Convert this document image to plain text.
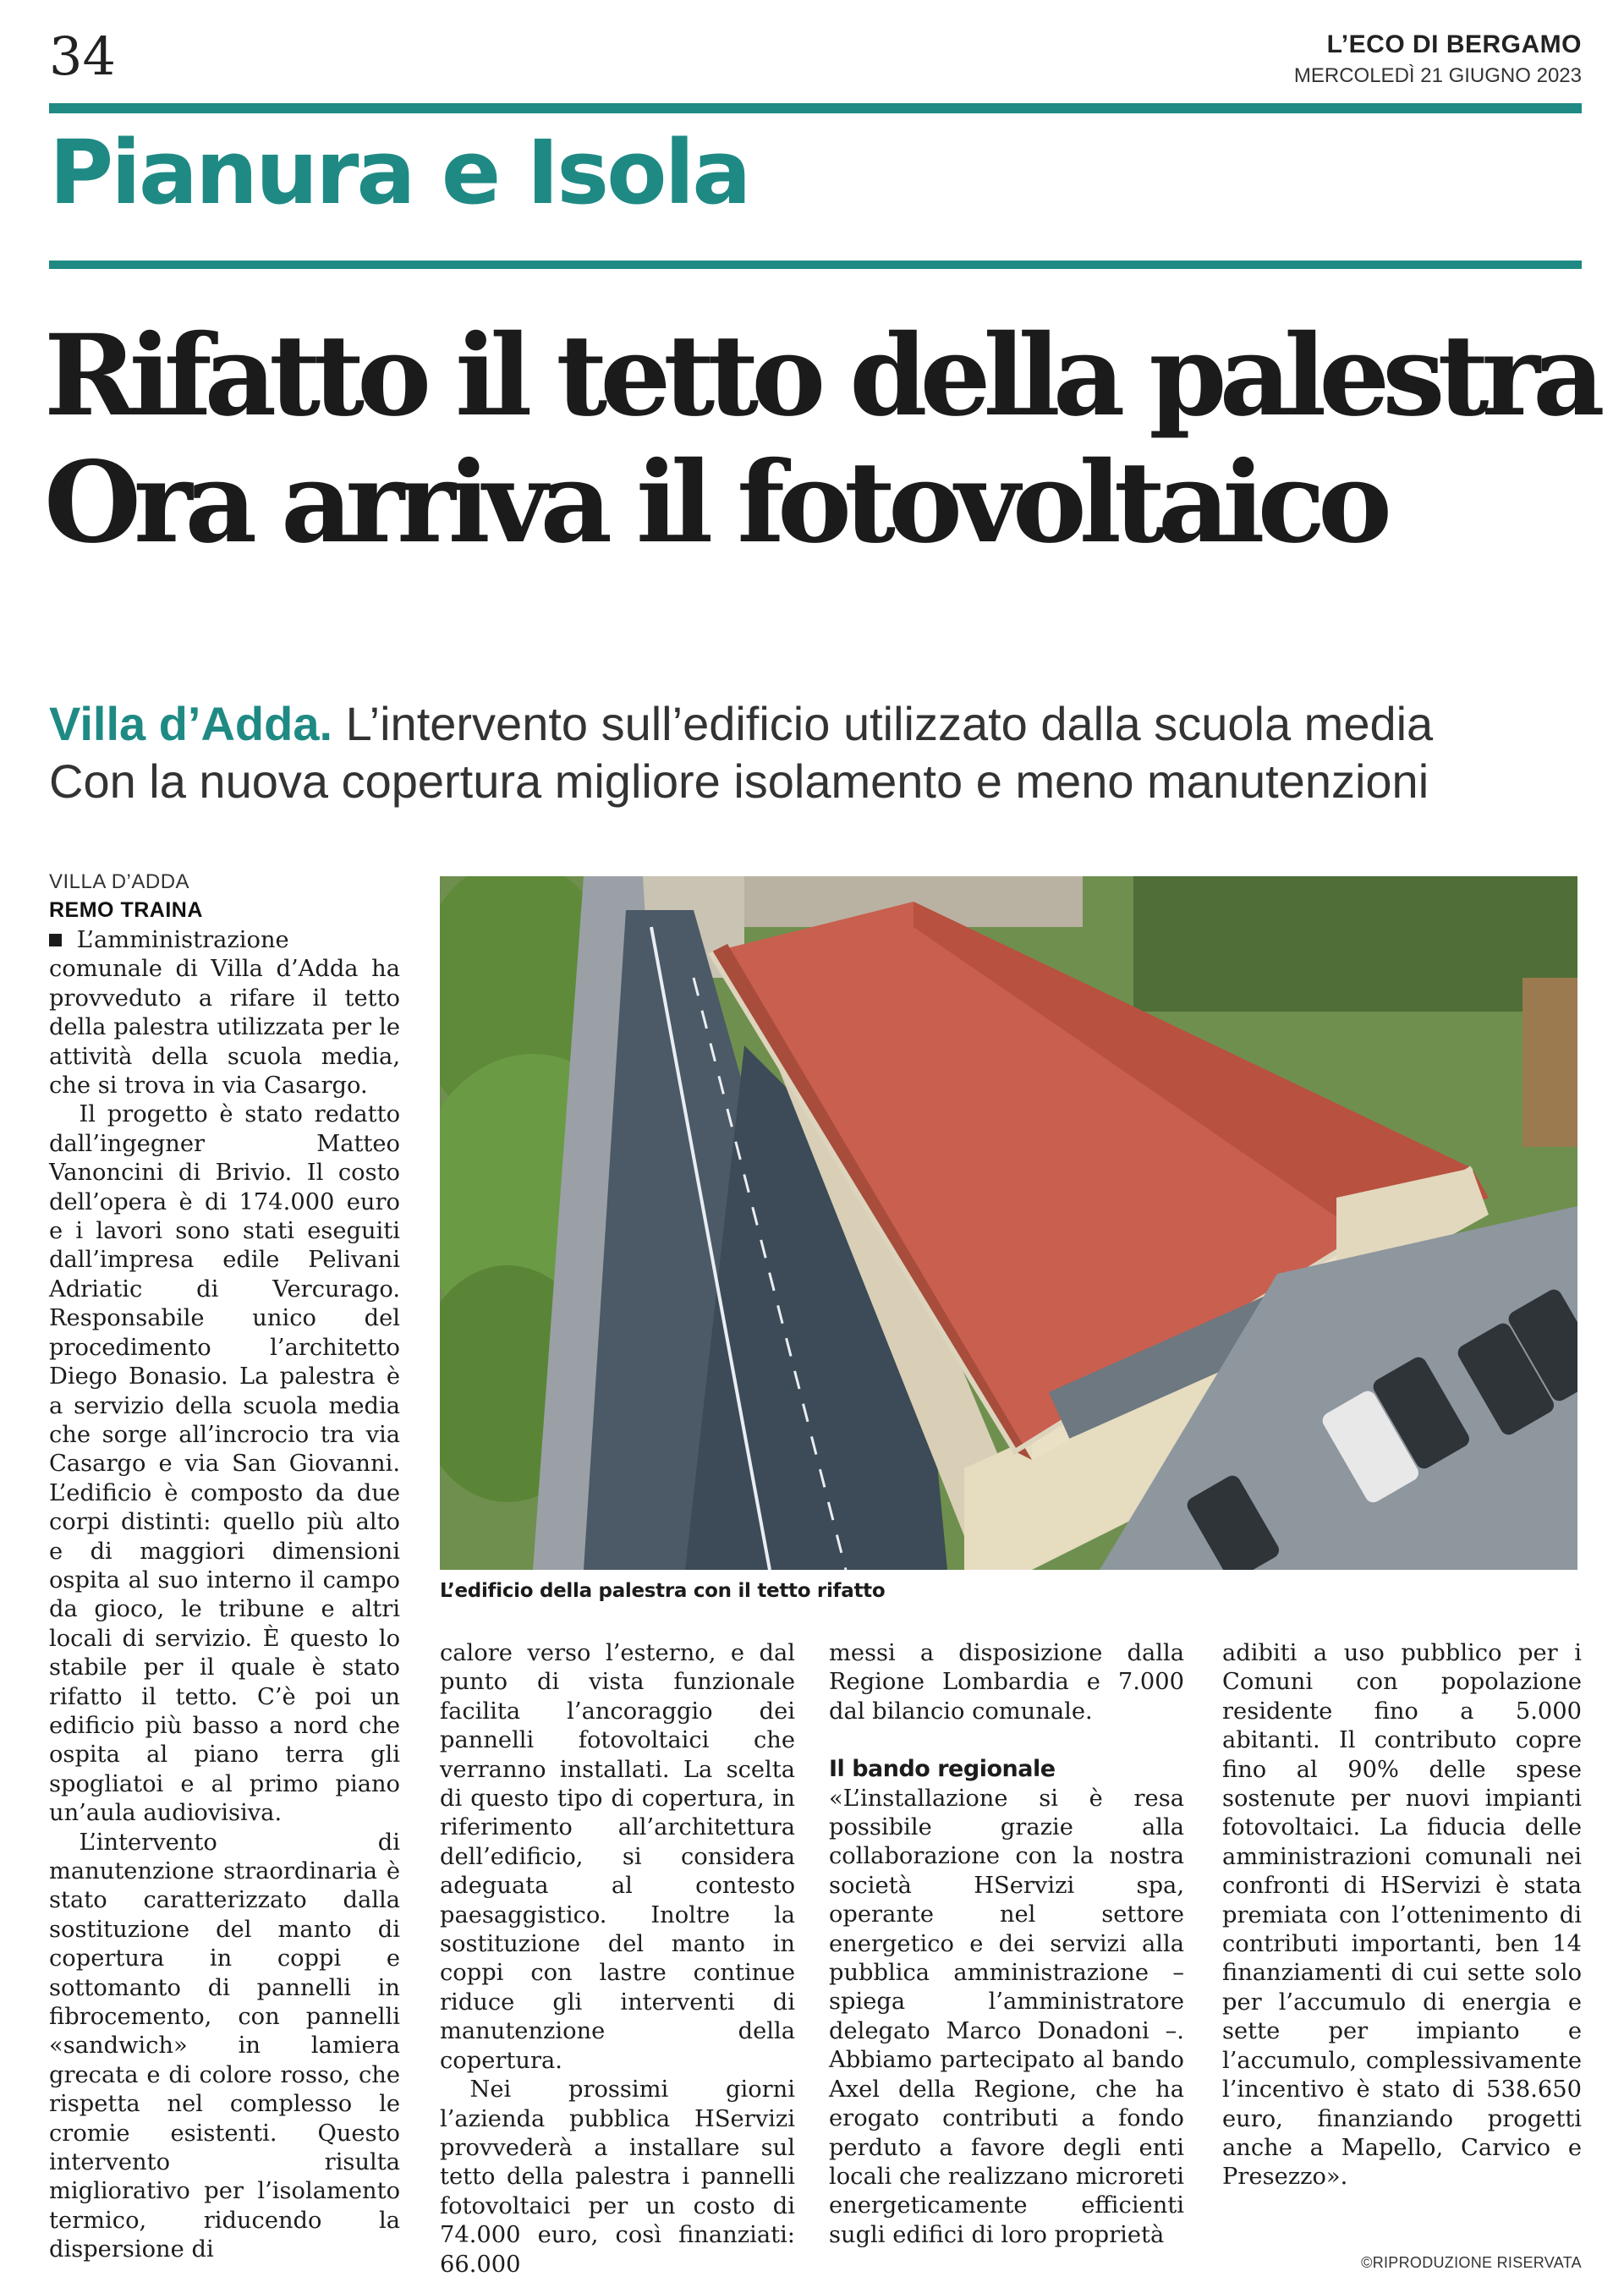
34	L’ECO DI BERGAMO
MERCOLEDÌ 21 GIUGNO 2023
Pianura e Isola
Rifatto il tetto della palestra
Ora arriva il fotovoltaico
Villa d’Adda. L’intervento sull’edificio utilizzato dalla scuola media
Con la nuova copertura migliore isolamento e meno manutenzioni
VILLA D’ADDA
REMO TRAINA

L’amministrazione comunale di Villa d’Adda ha provveduto a rifare il tetto della palestra utilizzata per le attività della scuola media, che si trova in via Casargo.

Il progetto è stato redatto dall’ingegner Matteo Vanoncini di Brivio. Il costo dell’opera è di 174.000 euro e i lavori sono stati eseguiti dall’impresa edile Pelivani Adriatic di Vercurago. Responsabile unico del procedimento l’architetto Diego Bonasio. La palestra è a servizio della scuola media che sorge all’incrocio tra via Casargo e via San Giovanni. L’edificio è composto da due corpi distinti: quello più alto e di maggiori dimensioni ospita al suo interno il campo da gioco, le tribune e altri locali di servizio. È questo lo stabile per il quale è stato rifatto il tetto. C’è poi un edificio più basso a nord che ospita al piano terra gli spogliatoi e al primo piano un’aula audiovisiva.

L’intervento di manutenzione straordinaria è stato caratterizzato dalla sostituzione del manto di copertura in coppi e sottomanto di pannelli in fibrocemento, con pannelli «sandwich» in lamiera grecata e di colore rosso, che rispetta nel complesso le cromie esistenti. Questo intervento risulta migliorativo per l’isolamento termico, riducendo la dispersione di

L’edificio della palestra con il tetto rifatto

calore verso l’esterno, e dal punto di vista funzionale facilita l’ancoraggio dei pannelli fotovoltaici che verranno installati. La scelta di questo tipo di copertura, in riferimento all’architettura dell’edificio, si considera adeguata al contesto paesaggistico. Inoltre la sostituzione del manto in coppi con lastre continue riduce gli interventi di manutenzione della copertura.

Nei prossimi giorni l’azienda pubblica HServizi provvederà a installare sul tetto della palestra i pannelli fotovoltaici per un costo di 74.000 euro, così finanziati: 66.000

messi a disposizione dalla Regione Lombardia e 7.000 dal bilancio comunale.

Il bando regionale

«L’installazione si è resa possibile grazie alla collaborazione con la nostra società HServizi spa, operante nel settore energetico e dei servizi alla pubblica amministrazione – spiega l’amministratore delegato Marco Donadoni –. Abbiamo partecipato al bando Axel della Regione, che ha erogato contributi a fondo perduto a favore degli enti locali che realizzano microreti energeticamente efficienti sugli edifici di loro proprietà

adibiti a uso pubblico per i Comuni con popolazione residente fino a 5.000 abitanti. Il contributo copre fino al 90% delle spese sostenute per nuovi impianti fotovoltaici. La fiducia delle amministrazioni comunali nei confronti di HServizi è stata premiata con l’ottenimento di contributi importanti, ben 14 finanziamenti di cui sette solo per l’accumulo di energia e sette per impianto e l’accumulo, complessivamente l’incentivo è stato di 538.650 euro, finanziando progetti anche a Mapello, Carvico e Presezzo».

©RIPRODUZIONE RISERVATA
